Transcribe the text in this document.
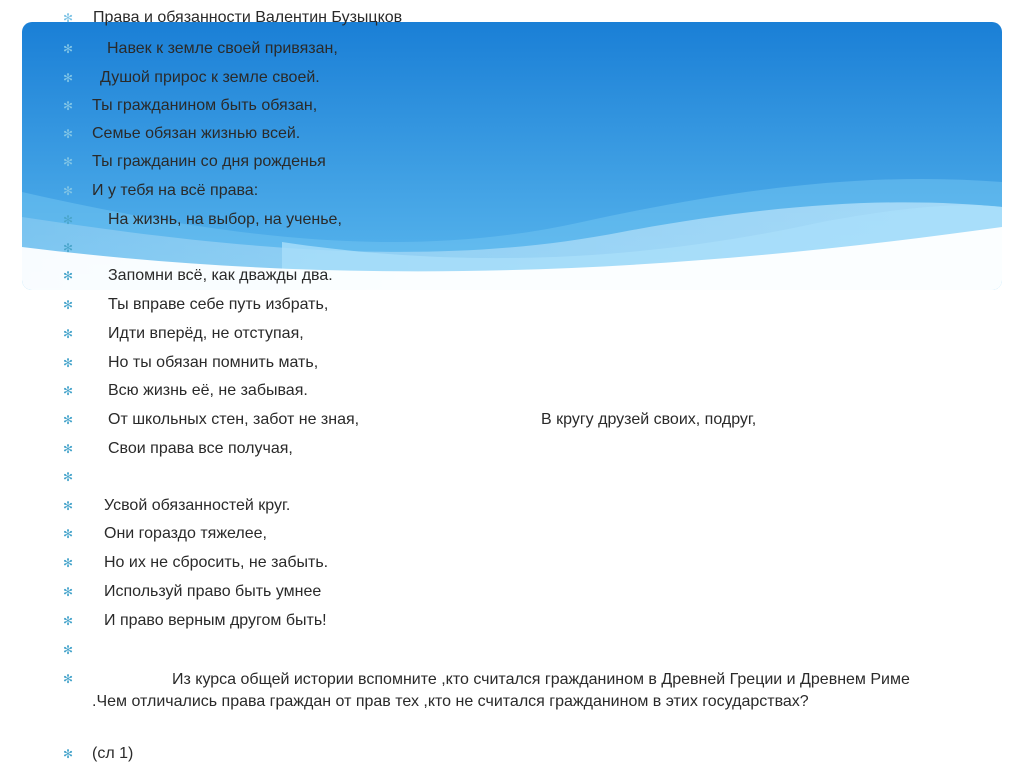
✻ Права и обязанности Валентин Бузыцков
✻ Навек к земле своей привязан,
✻ Душой прирос к земле своей.
✻ Ты гражданином быть обязан,
✻ Семье обязан жизнью всей.
✻ Ты гражданин со дня рожденья
✻ И у тебя на всё права:
✻ На жизнь, на выбор, на ученье,
✻
✻ Запомни всё, как дважды два.
✻ Ты вправе себе путь избрать,
✻ Идти вперёд, не отступая,
✻ Но ты обязан помнить мать,
✻ Всю жизнь её, не забывая.
✻ От школьных стен, забот не зная,	В кругу друзей своих, подруг,
✻ Свои права все получая,
✻
✻ Усвой обязанностей круг.
✻ Они гораздо тяжелее,
✻ Но их не сбросить, не забыть.
✻ Используй право быть умнее
✻ И право верным другом быть!
✻
✻	Из курса общей истории вспомните ,кто считался гражданином в Древней Греции и Древнем Риме .Чем отличались права граждан от прав тех ,кто не считался гражданином в этих государствах?
✻ (сл 1)
